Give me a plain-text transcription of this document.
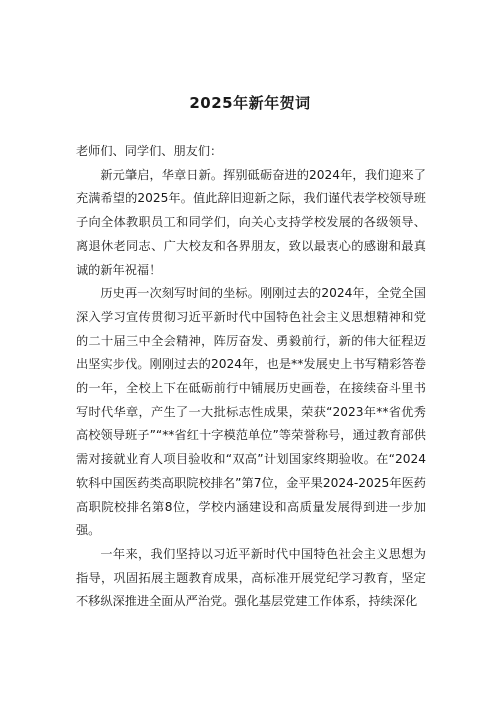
2025年新年贺词

老师们、同学们、朋友们：

新元肇启，华章日新。挥别砥砺奋进的2024年，我们迎来了充满希望的2025年。值此辞旧迎新之际，我们谨代表学校领导班子向全体教职员工和同学们，向关心支持学校发展的各级领导、离退休老同志、广大校友和各界朋友，致以最衷心的感谢和最真诚的新年祝福！

历史再一次刻写时间的坐标。刚刚过去的2024年，全党全国深入学习宣传贯彻习近平新时代中国特色社会主义思想精神和党的二十届三中全会精神，阵厉奋发、勇毅前行，新的伟大征程迈出坚实步伐。刚刚过去的2024年，也是**发展史上书写精彩答卷的一年，全校上下在砥砺前行中铺展历史画卷，在接续奋斗里书写时代华章，产生了一大批标志性成果，荣获“2023年**省优秀高校领导班子”“**省红十字模范单位”等荣誉称号，通过教育部供需对接就业育人项目验收和“双高”计划国家终期验收。在“2024软科中国医药类高职院校排名”第7位，金平果2024-2025年医药高职院校排名第8位，学校内涵建设和高质量发展得到进一步加强。

一年来，我们坚持以习近平新时代中国特色社会主义思想为指导，巩固拓展主题教育成果，高标准开展党纪学习教育，坚定不移纵深推进全面从严治党。强化基层党建工作体系，持续深化
